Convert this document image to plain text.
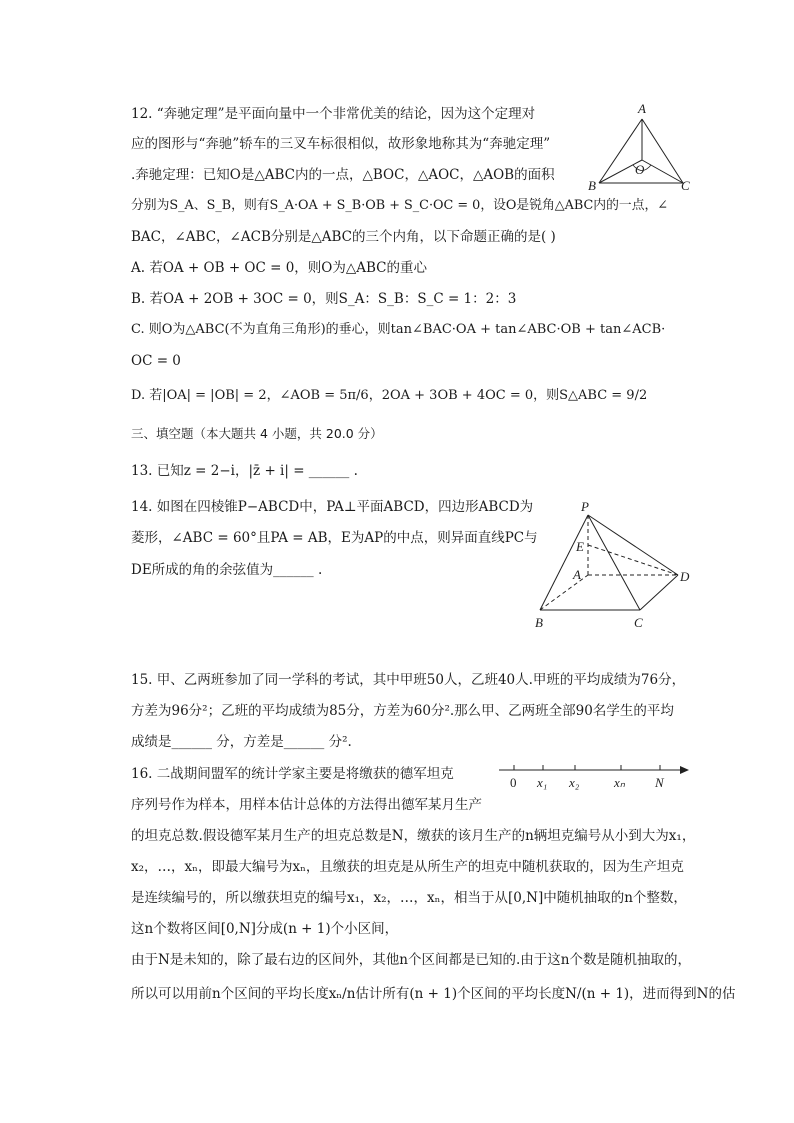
12. “奔驰定理”是平面向量中一个非常优美的结论，因为这个定理对
应的图形与“奔驰”轿车的三叉车标很相似，故形象地称其为“奔驰定理”
.奔驰定理：已知O是△ABC内的一点，△BOC，△AOC，△AOB的面积
分别为S_A、S_B，则有S_A·OA + S_B·OB + S_C·OC = 0，设O是锐角△ABC内的一点，∠
BAC，∠ABC，∠ACB分别是△ABC的三个内角，以下命题正确的是( )
A. 若OA + OB + OC = 0，则O为△ABC的重心
B. 若OA + 2OB + 3OC = 0，则S_A：S_B：S_C = 1：2：3
C. 则O为△ABC(不为直角三角形)的垂心，则tan∠BAC·OA + tan∠ABC·OB + tan∠ACB·
OC = 0
D. 若|OA| = |OB| = 2，∠AOB = 5π/6，2OA + 3OB + 4OC = 0，则S△ABC = 9/2
A
B	C
O
三、填空题（本大题共 4 小题，共 20.0 分）
13. 已知z = 2−i，|z̄ + i| = ______ .
14. 如图在四棱锥P−ABCD中，PA⊥平面ABCD，四边形ABCD为
菱形，∠ABC = 60°且PA = AB，E为AP的中点，则异面直线PC与
DE所成的角的余弦值为______ .
P
E
A	D
B	C
15. 甲、乙两班参加了同一学科的考试，其中甲班50人，乙班40人.甲班的平均成绩为76分，
方差为96分²；乙班的平均成绩为85分，方差为60分².那么甲、乙两班全部90名学生的平均
成绩是______ 分，方差是______ 分².
16. 二战期间盟军的统计学家主要是将缴获的德军坦克
序列号作为样本，用样本估计总体的方法得出德军某月生产
的坦克总数.假设德军某月生产的坦克总数是N，缴获的该月生产的n辆坦克编号从小到大为x₁，
x₂，…，xₙ，即最大编号为xₙ，且缴获的坦克是从所生产的坦克中随机获取的，因为生产坦克
是连续编号的，所以缴获坦克的编号x₁，x₂，…，xₙ，相当于从[0,N]中随机抽取的n个整数，
这n个数将区间[0,N]分成(n + 1)个小区间，
由于N是未知的，除了最右边的区间外，其他n个区间都是已知的.由于这n个数是随机抽取的，
所以可以用前n个区间的平均长度xₙ/n估计所有(n + 1)个区间的平均长度N/(n + 1)，进而得到N的估
0 x₁ x₂	xₙ N
